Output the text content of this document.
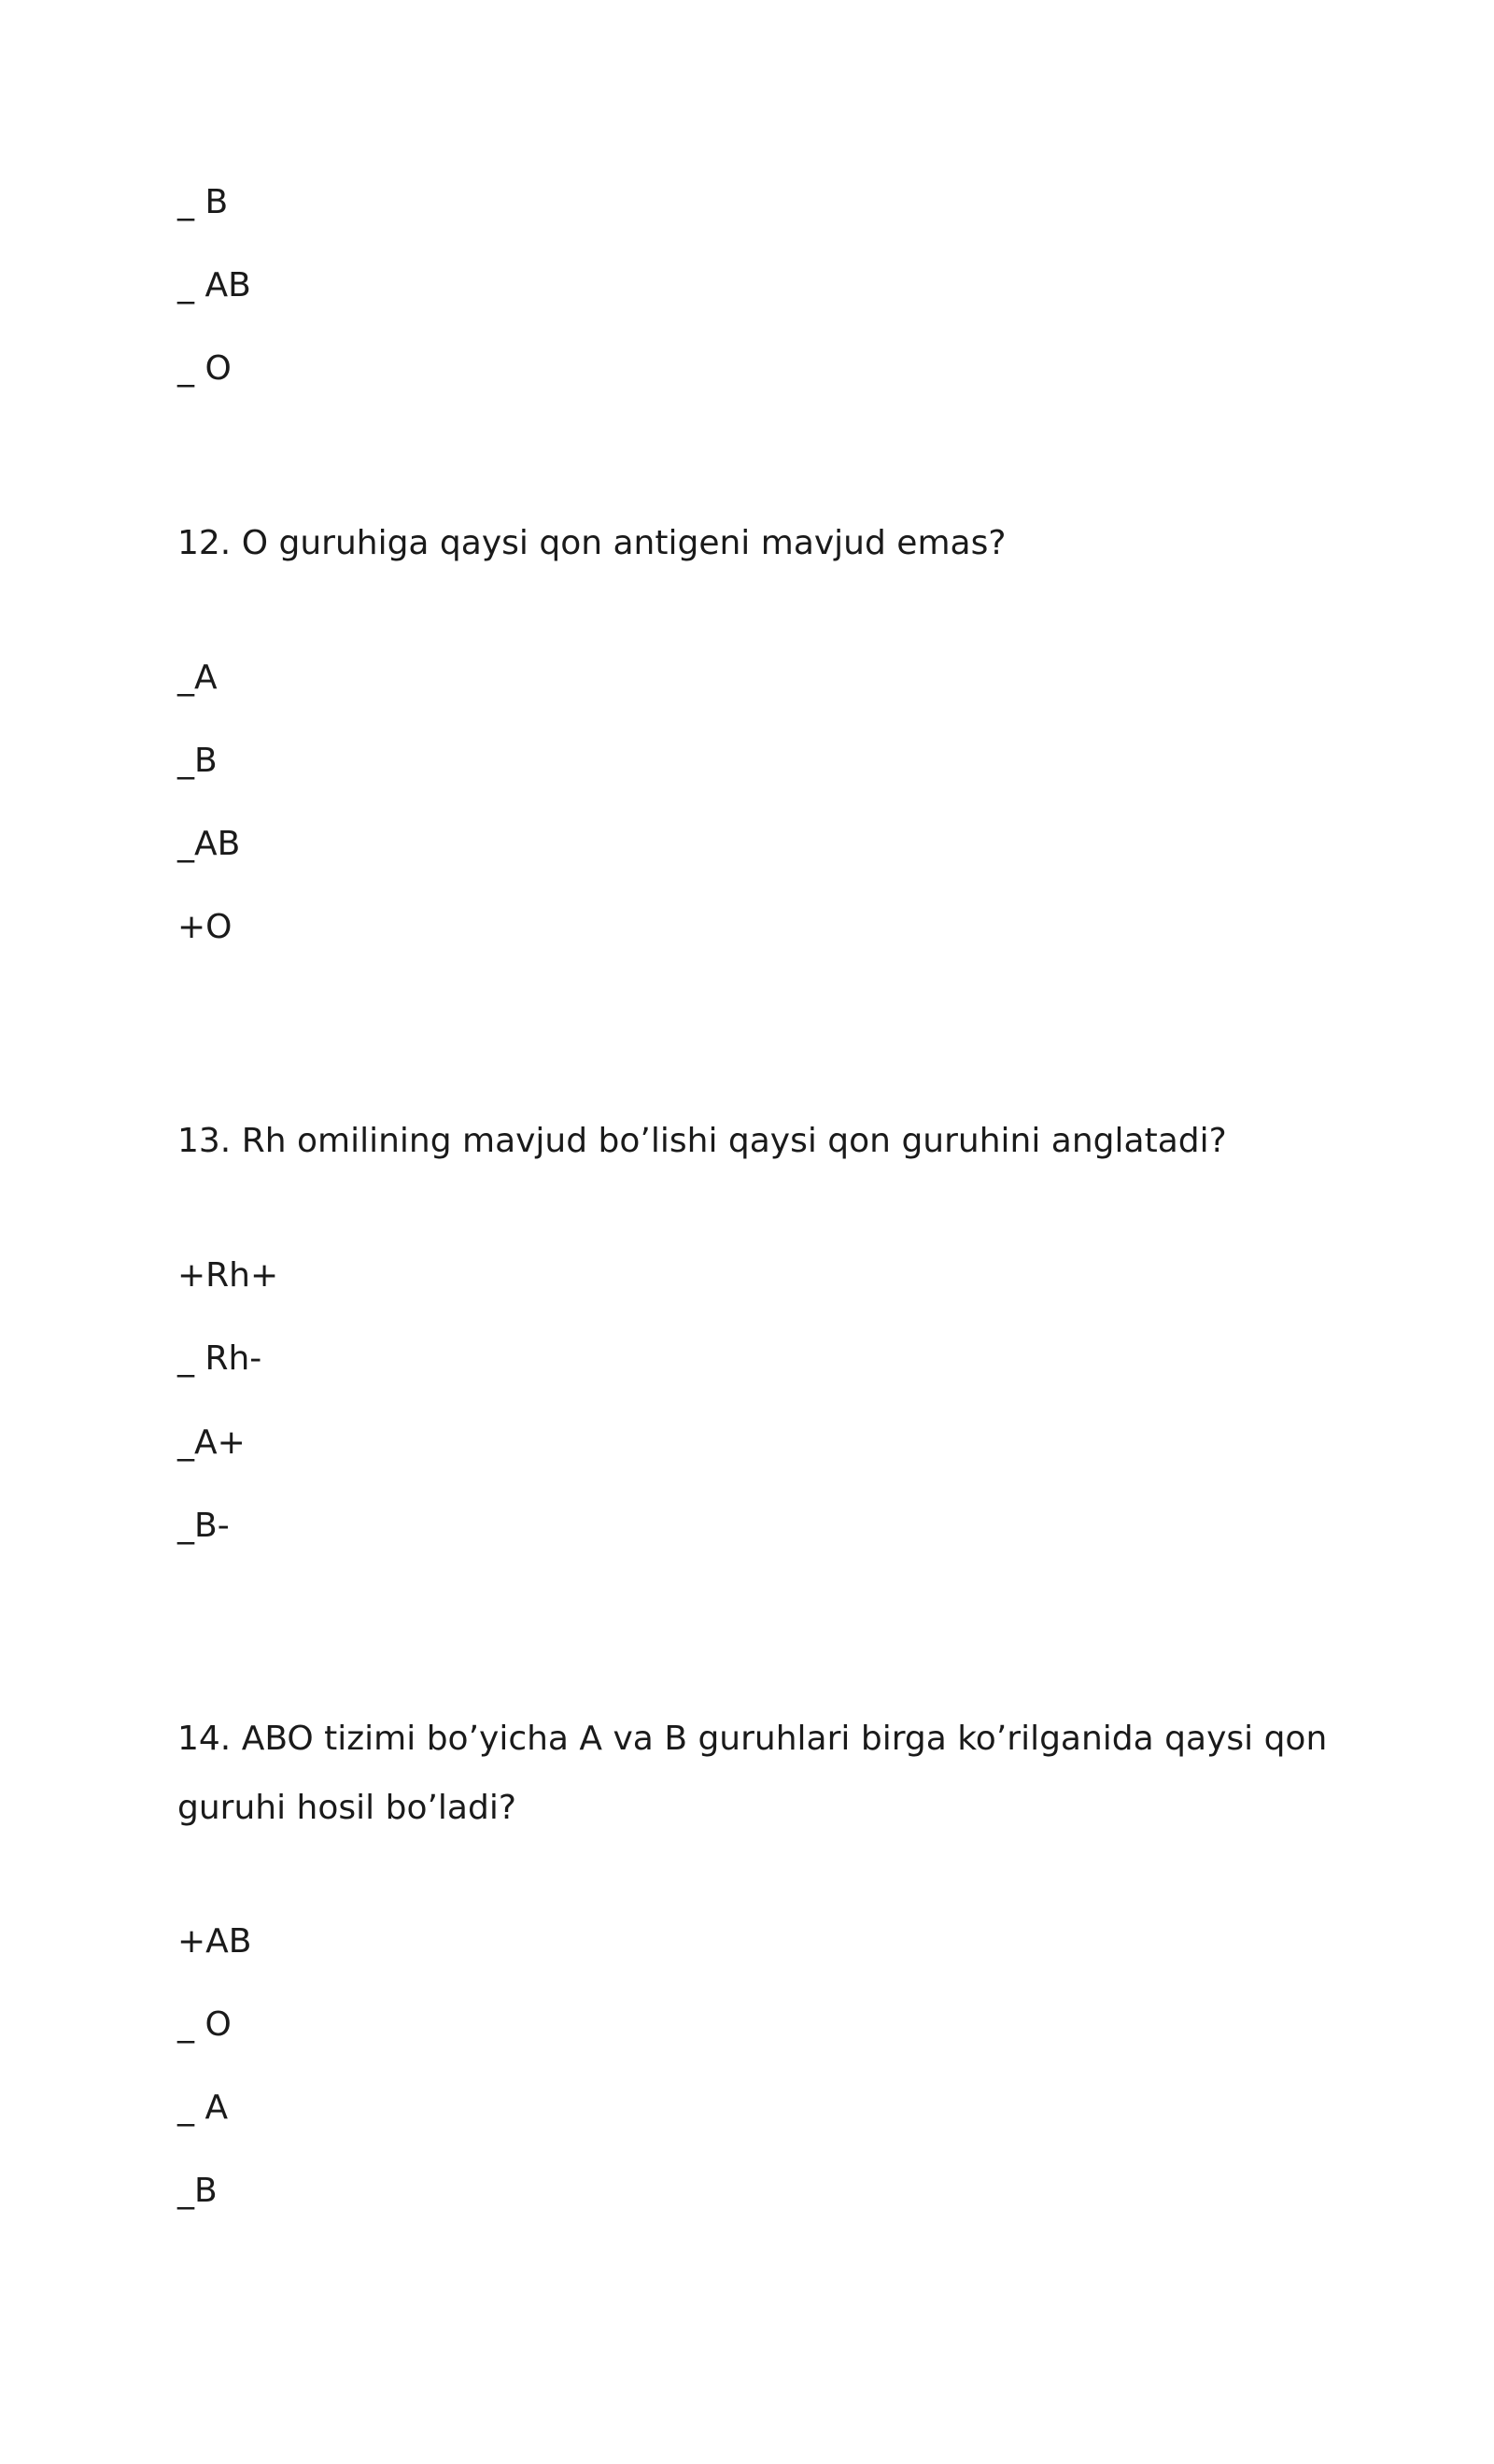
_ B

_ AB

_ O

12. O guruhiga qaysi qon antigeni mavjud emas?

_A

_B

_AB

+O

13. Rh omilining mavjud bo’lishi qaysi qon guruhini anglatadi?

+Rh+

_ Rh-

_A+

_B-

14. ABO tizimi bo’yicha A va B guruhlari birga ko’rilganida qaysi qon guruhi hosil bo’ladi?

+AB

_ O

_ A

_B
